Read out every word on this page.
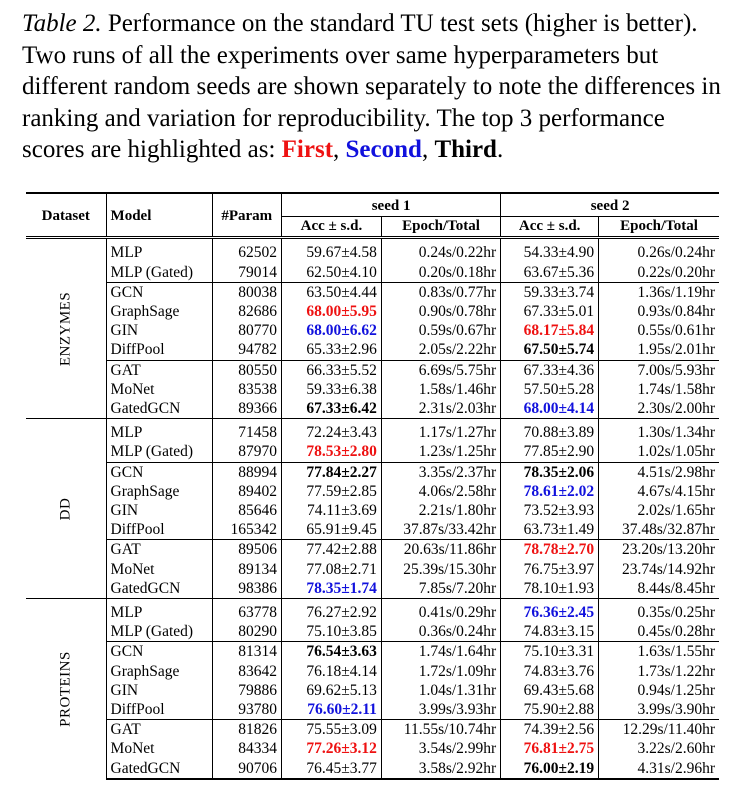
Table 2. Performance on the standard TU test sets (higher is better). Two runs of all the experiments over same hyperparameters but different random seeds are shown separately to note the differences in ranking and variation for reproducibility. The top 3 performance scores are highlighted as: First, Second, Third.
Dataset	Model	#Param	seed 1		seed 2	
			Acc ± s.d.	Epoch/Total	Acc ± s.d.	Epoch/Total

ENZYMES	MLP	62502	59.67±4.58	0.24s/0.22hr	54.33±4.90	0.26s/0.24hr
	MLP (Gated)	79014	62.50±4.10	0.20s/0.18hr	63.67±5.36	0.22s/0.20hr
	GCN	80038	63.50±4.44	0.83s/0.77hr	59.33±3.74	1.36s/1.19hr
	GraphSage	82686	68.00±5.95	0.90s/0.78hr	67.33±5.01	0.93s/0.84hr
	GIN	80770	68.00±6.62	0.59s/0.67hr	68.17±5.84	0.55s/0.61hr
	DiffPool	94782	65.33±2.96	2.05s/2.22hr	67.50±5.74	1.95s/2.01hr
	GAT	80550	66.33±5.52	6.69s/5.75hr	67.33±4.36	7.00s/5.93hr
	MoNet	83538	59.33±6.38	1.58s/1.46hr	57.50±5.28	1.74s/1.58hr
	GatedGCN	89366	67.33±6.42	2.31s/2.03hr	68.00±4.14	2.30s/2.00hr

DD	MLP	71458	72.24±3.43	1.17s/1.27hr	70.88±3.89	1.30s/1.34hr
	MLP (Gated)	87970	78.53±2.80	1.23s/1.25hr	77.85±2.90	1.02s/1.05hr
	GCN	88994	77.84±2.27	3.35s/2.37hr	78.35±2.06	4.51s/2.98hr
	GraphSage	89402	77.59±2.85	4.06s/2.58hr	78.61±2.02	4.67s/4.15hr
	GIN	85646	74.11±3.69	2.21s/1.80hr	73.52±3.93	2.02s/1.65hr
	DiffPool	165342	65.91±9.45	37.87s/33.42hr	63.73±1.49	37.48s/32.87hr
	GAT	89506	77.42±2.88	20.63s/11.86hr	78.78±2.70	23.20s/13.20hr
	MoNet	89134	77.08±2.71	25.39s/15.30hr	76.75±3.97	23.74s/14.92hr
	GatedGCN	98386	78.35±1.74	7.85s/7.20hr	78.10±1.93	8.44s/8.45hr

PROTEINS	MLP	63778	76.27±2.92	0.41s/0.29hr	76.36±2.45	0.35s/0.25hr
	MLP (Gated)	80290	75.10±3.85	0.36s/0.24hr	74.83±3.15	0.45s/0.28hr
	GCN	81314	76.54±3.63	1.74s/1.64hr	75.10±3.31	1.63s/1.55hr
	GraphSage	83642	76.18±4.14	1.72s/1.09hr	74.83±3.76	1.73s/1.22hr
	GIN	79886	69.62±5.13	1.04s/1.31hr	69.43±5.68	0.94s/1.25hr
	DiffPool	93780	76.60±2.11	3.99s/3.93hr	75.90±2.88	3.99s/3.90hr
	GAT	81826	75.55±3.09	11.55s/10.74hr	74.39±2.56	12.29s/11.40hr
	MoNet	84334	77.26±3.12	3.54s/2.99hr	76.81±2.75	3.22s/2.60hr
	GatedGCN	90706	76.45±3.77	3.58s/2.92hr	76.00±2.19	4.31s/2.96hr
